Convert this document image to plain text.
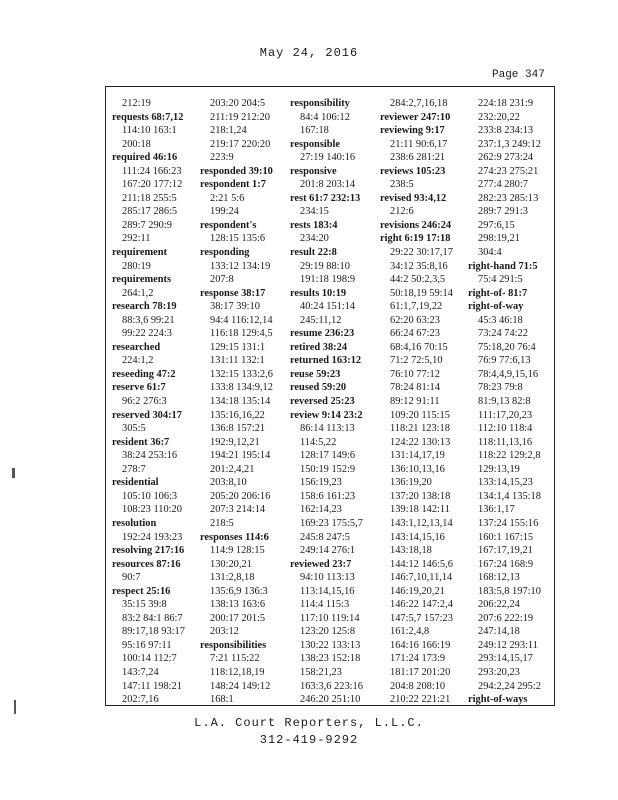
May 24, 2016
Page 347
212:19
requests 68:7,12
114:10 163:1
200:18
required 46:16
111:24 166:23
167:20 177:12
211:18 255:5
285:17 286:5
289:7 290:9
292:11
requirement
280:19
requirements
264:1,2
research 78:19
88:3,6 99:21
99:22 224:3
researched
224:1,2
reseeding 47:2
reserve 61:7
96:2 276:3
reserved 304:17
305:5
resident 36:7
38:24 253:16
278:7
residential
105:10 106:3
108:23 110:20
resolution
192:24 193:23
resolving 217:16
resources 87:16
90:7
respect 25:16
35:15 39:8
83:2 84:1 86:7
89:17,18 93:17
95:16 97:11
100:14 112:7
143:7,24
147:11 198:21
202:7,16
203:20 204:5
211:19 212:20
218:1,24
219:17 220:20
223:9
responded 39:10
respondent 1:7
2:21 5:6
199:24
respondent's
128:15 135:6
responding
133:12 134:19
207:8
response 38:17
38:17 39:10
94:4 116:12,14
116:18 129:4,5
129:15 131:1
131:11 132:1
132:15 133:2,6
133:8 134:9,12
134:18 135:14
135:16,16,22
136:8 157:21
192:9,12,21
194:21 195:14
201:2,4,21
203:8,10
205:20 206:16
207:3 214:14
218:5
responses 114:6
114:9 128:15
130:20,21
131:2,8,18
135:6,9 136:3
138:13 163:6
200:17 201:5
203:12
responsibilities
7:21 115:22
118:12,18,19
148:24 149:12
168:1
responsibility
84:4 106:12
167:18
responsible
27:19 140:16
responsive
201:8 203:14
rest 61:7 232:13
234:15
rests 183:4
234:20
result 22:8
29:19 88:10
191:18 198:9
results 10:19
40:24 151:14
245:11,12
resume 236:23
retired 38:24
returned 163:12
reuse 59:23
reused 59:20
reversed 25:23
review 9:14 23:2
86:14 113:13
114:5,22
128:17 149:6
150:19 152:9
156:19,23
158:6 161:23
162:14,23
169:23 175:5,7
245:8 247:5
249:14 276:1
reviewed 23:7
94:10 113:13
113:14,15,16
114:4 115:3
117:10 119:14
123:20 125:8
130:22 133:13
138:23 152:18
158:21,23
163:3,6 223:16
246:20 251:10
284:2,7,16,18
reviewer 247:10
reviewing 9:17
21:11 90:6,17
238:6 281:21
reviews 105:23
238:5
revised 93:4,12
212:6
revisions 246:24
right 6:19 17:18
29:22 30:17,17
34:12 35:8,16
44:2 50:2,3,5
50:18,19 59:14
61:1,7,19,22
62:20 63:23
66:24 67:23
68:4,16 70:15
71:2 72:5,10
76:10 77:12
78:24 81:14
89:12 91:11
109:20 115:15
118:21 123:18
124:22 130:13
131:14,17,19
136:10,13,16
136:19,20
137:20 138:18
139:18 142:11
143:1,12,13,14
143:14,15,16
143:18,18
144:12 146:5,6
146:7,10,11,14
146:19,20,21
146:22 147:2,4
147:5,7 157:23
161:2,4,8
164:16 166:19
171:24 173:9
181:17 201:20
204:8 208:10
210:22 221:21
224:18 231:9
232:20,22
233:8 234:13
237:1,3 249:12
262:9 273:24
274:23 275:21
277:4 280:7
282:23 285:13
289:7 291:3
297:6,15
298:19,21
304:4
right-hand 71:5
75:4 291:5
right-of- 81:7
right-of-way
45:3 46:18
73:24 74:22
75:18,20 76:4
76:9 77:6,13
78:4,4,9,15,16
78:23 79:8
81:9,13 82:8
111:17,20,23
112:10 118:4
118:11,13,16
118:22 129:2,8
129:13,19
133:14,15,23
134:1,4 135:18
136:1,17
137:24 155:16
160:1 167:15
167:17,19,21
167:24 168:9
168:12,13
183:5,8 197:10
206:22,24
207:6 222:19
247:14,18
249:12 293:11
293:14,15,17
293:20,23
294:2,24 295:2
right-of-ways
L.A. Court Reporters, L.L.C.
312-419-9292
